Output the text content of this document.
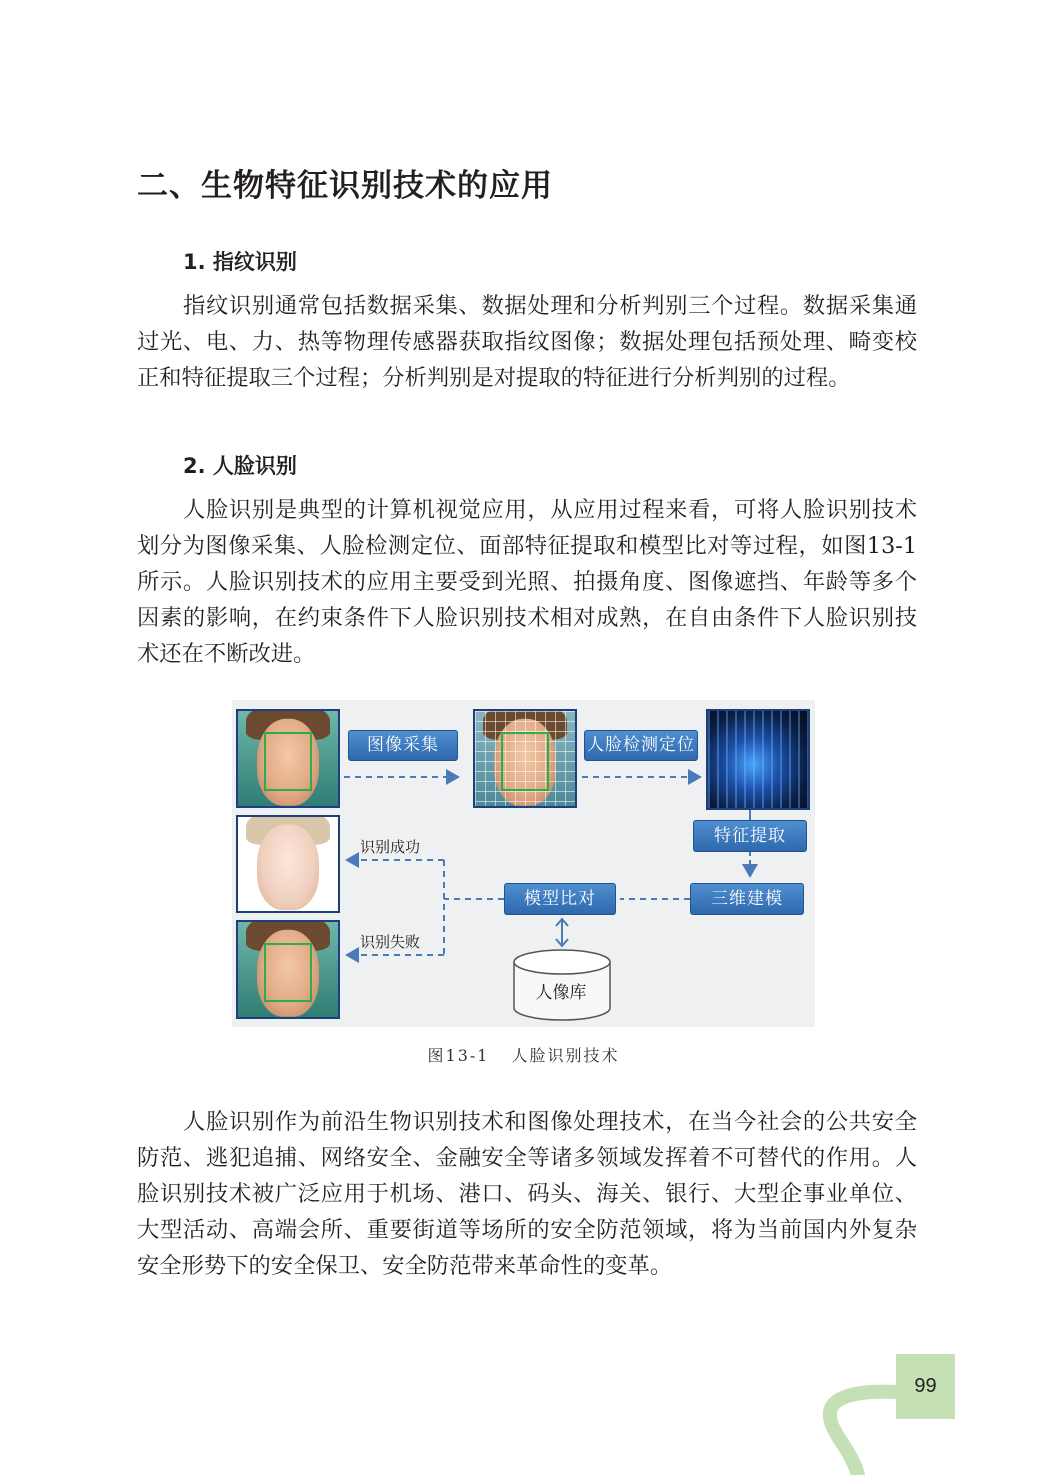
二、生物特征识别技术的应用
1. 指纹识别

指纹识别通常包括数据采集、数据处理和分析判别三个过程。数据采集通过光、电、力、热等物理传感器获取指纹图像；数据处理包括预处理、畸变校正和特征提取三个过程；分析判别是对提取的特征进行分析判别的过程。

2. 人脸识别

人脸识别是典型的计算机视觉应用，从应用过程来看，可将人脸识别技术划分为图像采集、人脸检测定位、面部特征提取和模型比对等过程，如图13-1所示。人脸识别技术的应用主要受到光照、拍摄角度、图像遮挡、年龄等多个因素的影响，在约束条件下人脸识别技术相对成熟，在自由条件下人脸识别技术还在不断改进。

图像采集	人脸检测定位
特征提取
三维建模
模型比对
识别成功
识别失败
人像库
图13-1 人脸识别技术

人脸识别作为前沿生物识别技术和图像处理技术，在当今社会的公共安全防范、逃犯追捕、网络安全、金融安全等诸多领域发挥着不可替代的作用。人脸识别技术被广泛应用于机场、港口、码头、海关、银行、大型企事业单位、大型活动、高端会所、重要街道等场所的安全防范领域，将为当前国内外复杂安全形势下的安全保卫、安全防范带来革命性的变革。

99
